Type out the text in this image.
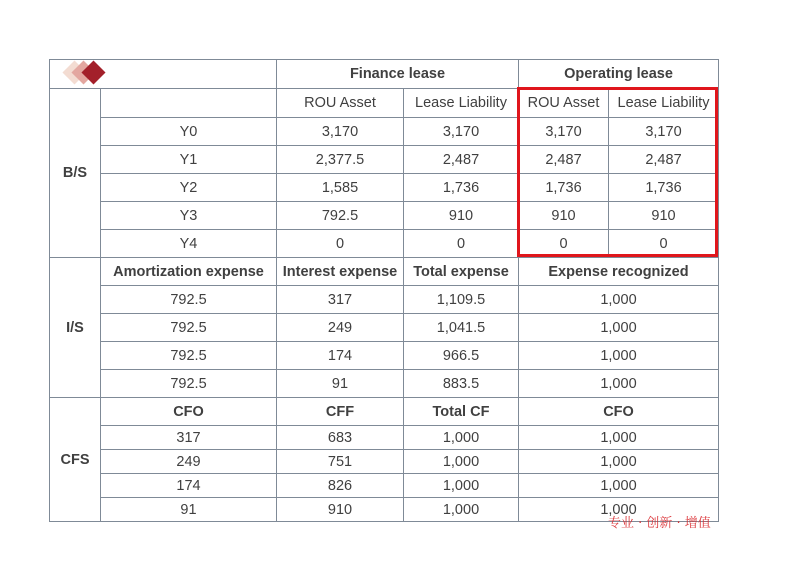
		Finance lease		Operating lease	
B/S		ROU Asset	Lease Liability	ROU Asset	Lease Liability
	Y0	3,170	3,170	3,170	3,170
	Y1	2,377.5	2,487	2,487	2,487
	Y2	1,585	1,736	1,736	1,736
	Y3	792.5	910	910	910
	Y4	0	0	0	0
I/S	Amortization expense	Interest expense	Total expense	Expense recognized	
	792.5	317	1,109.5	1,000	
	792.5	249	1,041.5	1,000	
	792.5	174	966.5	1,000	
	792.5	91	883.5	1,000	
CFS	CFO	CFF	Total CF	CFO	
	317	683	1,000	1,000	
	249	751	1,000	1,000	
	174	826	1,000	1,000	
	91	910	1,000	1,000	
专业 · 创新 · 增值
